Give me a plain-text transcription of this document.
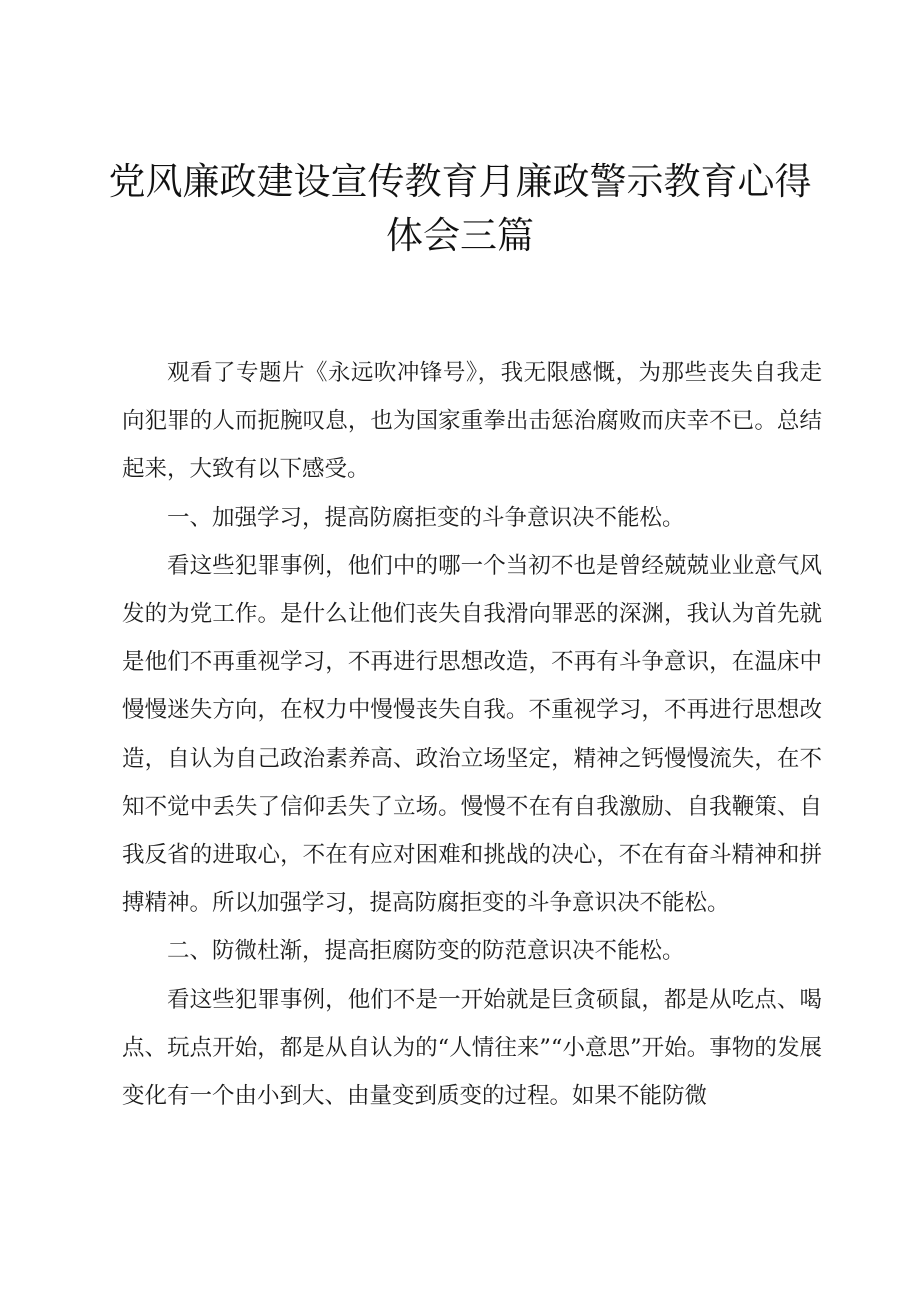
党风廉政建设宣传教育月廉政警示教育心得
体会三篇

观看了专题片《永远吹冲锋号》，我无限感慨，为那些丧失自我走向犯罪的人而扼腕叹息，也为国家重拳出击惩治腐败而庆幸不已。总结起来，大致有以下感受。

一、加强学习，提高防腐拒变的斗争意识决不能松。

看这些犯罪事例，他们中的哪一个当初不也是曾经兢兢业业意气风发的为党工作。是什么让他们丧失自我滑向罪恶的深渊，我认为首先就是他们不再重视学习，不再进行思想改造，不再有斗争意识，在温床中慢慢迷失方向，在权力中慢慢丧失自我。不重视学习，不再进行思想改造，自认为自己政治素养高、政治立场坚定，精神之钙慢慢流失，在不知不觉中丢失了信仰丢失了立场。慢慢不在有自我激励、自我鞭策、自我反省的进取心，不在有应对困难和挑战的决心，不在有奋斗精神和拼搏精神。所以加强学习，提高防腐拒变的斗争意识决不能松。

二、防微杜渐，提高拒腐防变的防范意识决不能松。

看这些犯罪事例，他们不是一开始就是巨贪硕鼠，都是从吃点、喝点、玩点开始，都是从自认为的“人情往来”“小意思”开始。事物的发展变化有一个由小到大、由量变到质变的过程。如果不能防微
